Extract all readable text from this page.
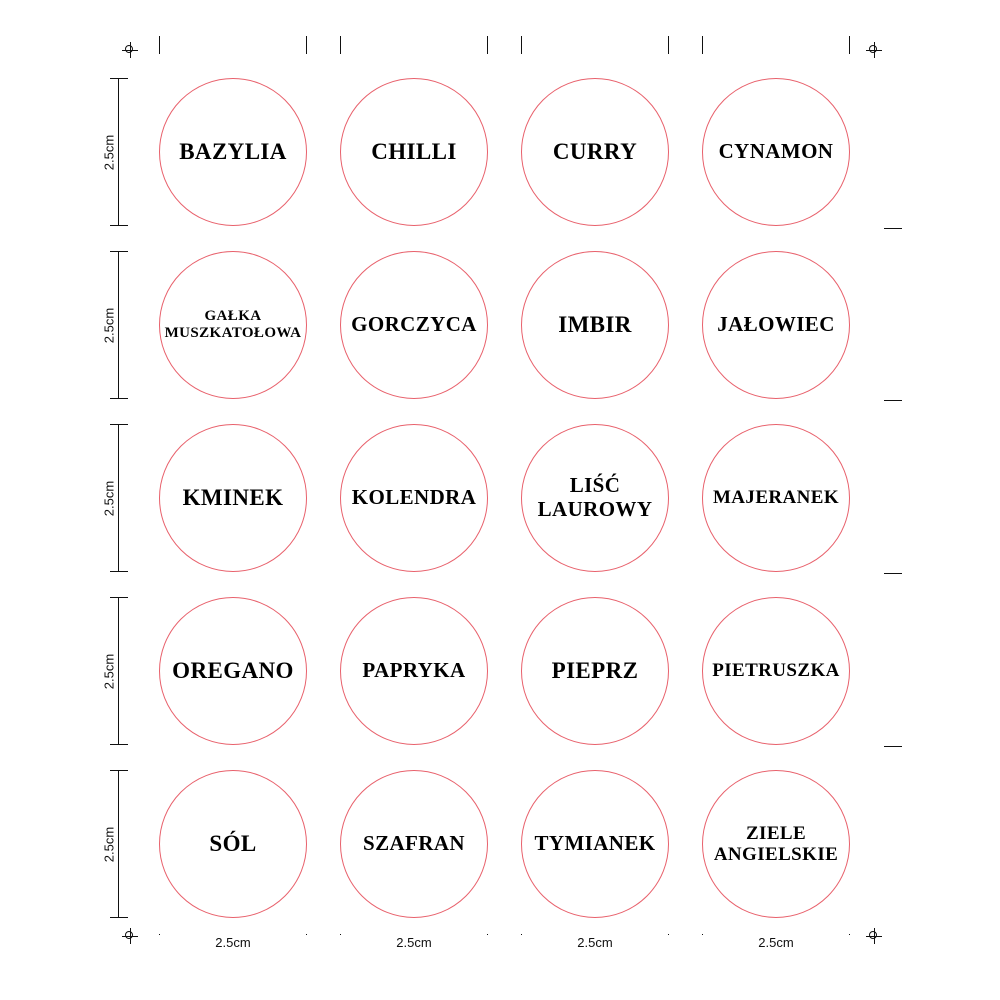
2.5cm
2.5cm
2.5cm
2.5cm
2.5cm
2.5cm	2.5cm	2.5cm	2.5cm
BAZYLIA	CHILLI	CURRY	CYNAMON
GAŁKA MUSZKATOŁOWA	GORCZYCA	IMBIR	JAŁOWIEC
KMINEK	KOLENDRA	LIŚĆ LAUROWY	MAJERANEK
OREGANO	PAPRYKA	PIEPRZ	PIETRUSZKA
SÓL	SZAFRAN	TYMIANEK	ZIELE ANGIELSKIE
